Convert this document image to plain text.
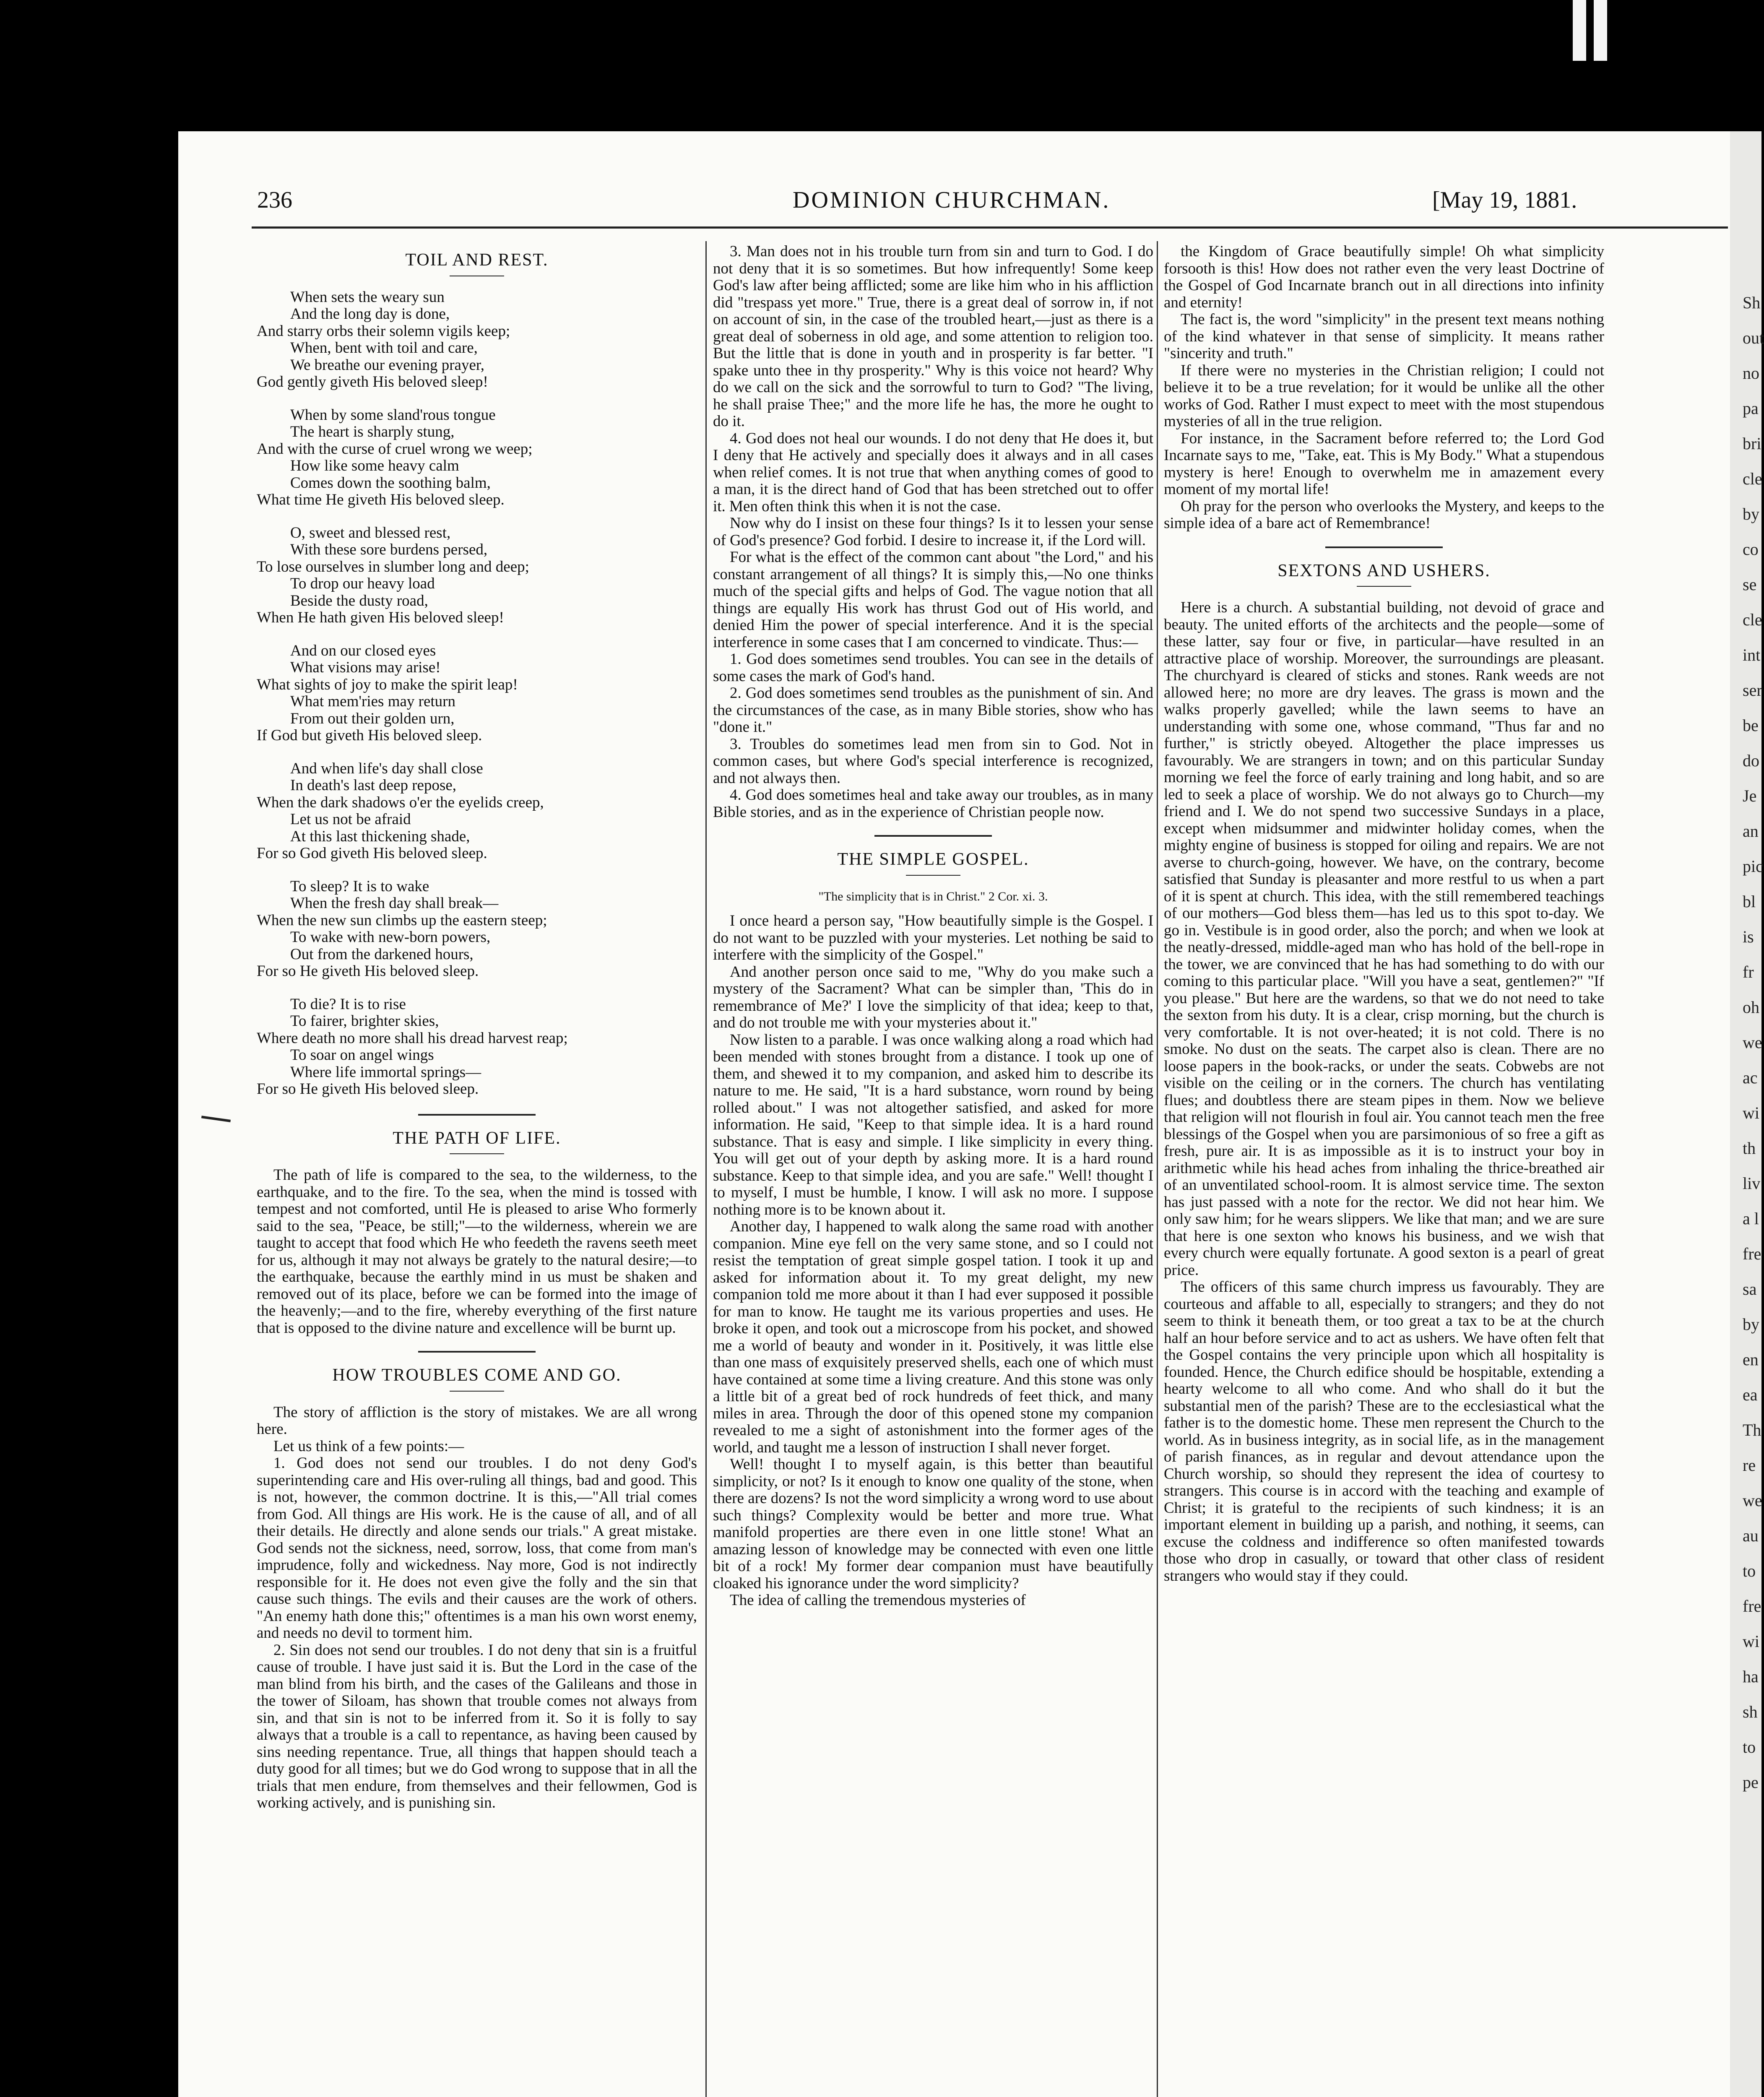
Sh
out
no
pa
bri
cle
by
co
se
cle
int
ser
be
do
Je
an
pic
bl
is
fr
oh
we
ac
wi
th
liv
a l
fre
sa
by
en
ea
Th
re
we
au
to
fre
wi
ha
sh
to
pe
236	DOMINION CHURCHMAN.	[May 19, 1881.
TOIL AND REST.
When sets the weary sun
And the long day is done,
And starry orbs their solemn vigils keep;
When, bent with toil and care,
We breathe our evening prayer,
God gently giveth His beloved sleep!
When by some sland'rous tongue
The heart is sharply stung,
And with the curse of cruel wrong we weep;
How like some heavy calm
Comes down the soothing balm,
What time He giveth His beloved sleep.
O, sweet and blessed rest,
With these sore burdens persed,
To lose ourselves in slumber long and deep;
To drop our heavy load
Beside the dusty road,
When He hath given His beloved sleep!
And on our closed eyes
What visions may arise!
What sights of joy to make the spirit leap!
What mem'ries may return
From out their golden urn,
If God but giveth His beloved sleep.
And when life's day shall close
In death's last deep repose,
When the dark shadows o'er the eyelids creep,
Let us not be afraid
At this last thickening shade,
For so God giveth His beloved sleep.
To sleep? It is to wake
When the fresh day shall break—
When the new sun climbs up the eastern steep;
To wake with new-born powers,
Out from the darkened hours,
For so He giveth His beloved sleep.
To die? It is to rise
To fairer, brighter skies,
Where death no more shall his dread harvest reap;
To soar on angel wings
Where life immortal springs—
For so He giveth His beloved sleep.
THE PATH OF LIFE.

The path of life is compared to the sea, to the wilderness, to the earthquake, and to the fire. To the sea, when the mind is tossed with tempest and not comforted, until He is pleased to arise Who formerly said to the sea, "Peace, be still;"—to the wilderness, wherein we are taught to accept that food which He who feedeth the ravens seeth meet for us, although it may not always be grately to the natural desire;—to the earthquake, because the earthly mind in us must be shaken and removed out of its place, before we can be formed into the image of the heavenly;—and to the fire, whereby everything of the first nature that is opposed to the divine nature and excellence will be burnt up.

HOW TROUBLES COME AND GO.

The story of affliction is the story of mistakes. We are all wrong here.

Let us think of a few points:—

1. God does not send our troubles. I do not deny God's superintending care and His over-ruling all things, bad and good. This is not, however, the common doctrine. It is this,—"All trial comes from God. All things are His work. He is the cause of all, and of all their details. He directly and alone sends our trials." A great mistake. God sends not the sickness, need, sorrow, loss, that come from man's imprudence, folly and wickedness. Nay more, God is not indirectly responsible for it. He does not even give the folly and the sin that cause such things. The evils and their causes are the work of others. "An enemy hath done this;" oftentimes is a man his own worst enemy, and needs no devil to torment him.

2. Sin does not send our troubles. I do not deny that sin is a fruitful cause of trouble. I have just said it is. But the Lord in the case of the man blind from his birth, and the cases of the Galileans and those in the tower of Siloam, has shown that trouble comes not always from sin, and that sin is not to be inferred from it. So it is folly to say always that a trouble is a call to repentance, as having been caused by sins needing repentance. True, all things that happen should teach a duty good for all times; but we do God wrong to suppose that in all the trials that men endure, from themselves and their fellowmen, God is working actively, and is punishing sin.

3. Man does not in his trouble turn from sin and turn to God. I do not deny that it is so sometimes. But how infrequently! Some keep God's law after being afflicted; some are like him who in his affliction did "trespass yet more." True, there is a great deal of sorrow in, if not on account of sin, in the case of the troubled heart,—just as there is a great deal of soberness in old age, and some attention to religion too. But the little that is done in youth and in prosperity is far better. "I spake unto thee in thy prosperity." Why is this voice not heard? Why do we call on the sick and the sorrowful to turn to God? "The living, he shall praise Thee;" and the more life he has, the more he ought to do it.

4. God does not heal our wounds. I do not deny that He does it, but I deny that He actively and specially does it always and in all cases when relief comes. It is not true that when anything comes of good to a man, it is the direct hand of God that has been stretched out to offer it. Men often think this when it is not the case.

Now why do I insist on these four things? Is it to lessen your sense of God's presence? God forbid. I desire to increase it, if the Lord will.

For what is the effect of the common cant about "the Lord," and his constant arrangement of all things? It is simply this,—No one thinks much of the special gifts and helps of God. The vague notion that all things are equally His work has thrust God out of His world, and denied Him the power of special interference. And it is the special interference in some cases that I am concerned to vindicate. Thus:—

1. God does sometimes send troubles. You can see in the details of some cases the mark of God's hand.

2. God does sometimes send troubles as the punishment of sin. And the circumstances of the case, as in many Bible stories, show who has "done it."

3. Troubles do sometimes lead men from sin to God. Not in common cases, but where God's special interference is recognized, and not always then.

4. God does sometimes heal and take away our troubles, as in many Bible stories, and as in the experience of Christian people now.

THE SIMPLE GOSPEL.
"The simplicity that is in Christ." 2 Cor. xi. 3.

I once heard a person say, "How beautifully simple is the Gospel. I do not want to be puzzled with your mysteries. Let nothing be said to interfere with the simplicity of the Gospel."

And another person once said to me, "Why do you make such a mystery of the Sacrament? What can be simpler than, 'This do in remembrance of Me?' I love the simplicity of that idea; keep to that, and do not trouble me with your mysteries about it."

Now listen to a parable. I was once walking along a road which had been mended with stones brought from a distance. I took up one of them, and shewed it to my companion, and asked him to describe its nature to me. He said, "It is a hard substance, worn round by being rolled about." I was not altogether satisfied, and asked for more information. He said, "Keep to that simple idea. It is a hard round substance. That is easy and simple. I like simplicity in every thing. You will get out of your depth by asking more. It is a hard round substance. Keep to that simple idea, and you are safe." Well! thought I to myself, I must be humble, I know. I will ask no more. I suppose nothing more is to be known about it.

Another day, I happened to walk along the same road with another companion. Mine eye fell on the very same stone, and so I could not resist the temptation of great simple gospel tation. I took it up and asked for information about it. To my great delight, my new companion told me more about it than I had ever supposed it possible for man to know. He taught me its various properties and uses. He broke it open, and took out a microscope from his pocket, and showed me a world of beauty and wonder in it. Positively, it was little else than one mass of exquisitely preserved shells, each one of which must have contained at some time a living creature. And this stone was only a little bit of a great bed of rock hundreds of feet thick, and many miles in area. Through the door of this opened stone my companion revealed to me a sight of astonishment into the former ages of the world, and taught me a lesson of instruction I shall never forget.

Well! thought I to myself again, is this better than beautiful simplicity, or not? Is it enough to know one quality of the stone, when there are dozens? Is not the word simplicity a wrong word to use about such things? Complexity would be better and more true. What manifold properties are there even in one little stone! What an amazing lesson of knowledge may be connected with even one little bit of a rock! My former dear companion must have beautifully cloaked his ignorance under the word simplicity?

The idea of calling the tremendous mysteries of

the Kingdom of Grace beautifully simple! Oh what simplicity forsooth is this! How does not rather even the very least Doctrine of the Gospel of God Incarnate branch out in all directions into infinity and eternity!

The fact is, the word "simplicity" in the present text means nothing of the kind whatever in that sense of simplicity. It means rather "sincerity and truth."

If there were no mysteries in the Christian religion; I could not believe it to be a true revelation; for it would be unlike all the other works of God. Rather I must expect to meet with the most stupendous mysteries of all in the true religion.

For instance, in the Sacrament before referred to; the Lord God Incarnate says to me, "Take, eat. This is My Body." What a stupendous mystery is here! Enough to overwhelm me in amazement every moment of my mortal life!

Oh pray for the person who overlooks the Mystery, and keeps to the simple idea of a bare act of Remembrance!

SEXTONS AND USHERS.

Here is a church. A substantial building, not devoid of grace and beauty. The united efforts of the architects and the people—some of these latter, say four or five, in particular—have resulted in an attractive place of worship. Moreover, the surroundings are pleasant. The churchyard is cleared of sticks and stones. Rank weeds are not allowed here; no more are dry leaves. The grass is mown and the walks properly gavelled; while the lawn seems to have an understanding with some one, whose command, "Thus far and no further," is strictly obeyed. Altogether the place impresses us favourably. We are strangers in town; and on this particular Sunday morning we feel the force of early training and long habit, and so are led to seek a place of worship. We do not always go to Church—my friend and I. We do not spend two successive Sundays in a place, except when midsummer and midwinter holiday comes, when the mighty engine of business is stopped for oiling and repairs. We are not averse to church-going, however. We have, on the contrary, become satisfied that Sunday is pleasanter and more restful to us when a part of it is spent at church. This idea, with the still remembered teachings of our mothers—God bless them—has led us to this spot to-day. We go in. Vestibule is in good order, also the porch; and when we look at the neatly-dressed, middle-aged man who has hold of the bell-rope in the tower, we are convinced that he has had something to do with our coming to this particular place. "Will you have a seat, gentlemen?" "If you please." But here are the wardens, so that we do not need to take the sexton from his duty. It is a clear, crisp morning, but the church is very comfortable. It is not over-heated; it is not cold. There is no smoke. No dust on the seats. The carpet also is clean. There are no loose papers in the book-racks, or under the seats. Cobwebs are not visible on the ceiling or in the corners. The church has ventilating flues; and doubtless there are steam pipes in them. Now we believe that religion will not flourish in foul air. You cannot teach men the free blessings of the Gospel when you are parsimonious of so free a gift as fresh, pure air. It is as impossible as it is to instruct your boy in arithmetic while his head aches from inhaling the thrice-breathed air of an unventilated school-room. It is almost service time. The sexton has just passed with a note for the rector. We did not hear him. We only saw him; for he wears slippers. We like that man; and we are sure that here is one sexton who knows his business, and we wish that every church were equally fortunate. A good sexton is a pearl of great price.

The officers of this same church impress us favourably. They are courteous and affable to all, especially to strangers; and they do not seem to think it beneath them, or too great a tax to be at the church half an hour before service and to act as ushers. We have often felt that the Gospel contains the very principle upon which all hospitality is founded. Hence, the Church edifice should be hospitable, extending a hearty welcome to all who come. And who shall do it but the substantial men of the parish? These are to the ecclesiastical what the father is to the domestic home. These men represent the Church to the world. As in business integrity, as in social life, as in the management of parish finances, as in regular and devout attendance upon the Church worship, so should they represent the idea of courtesy to strangers. This course is in accord with the teaching and example of Christ; it is grateful to the recipients of such kindness; it is an important element in building up a parish, and nothing, it seems, can excuse the coldness and indifference so often manifested towards those who drop in casually, or toward that other class of resident strangers who would stay if they could.
